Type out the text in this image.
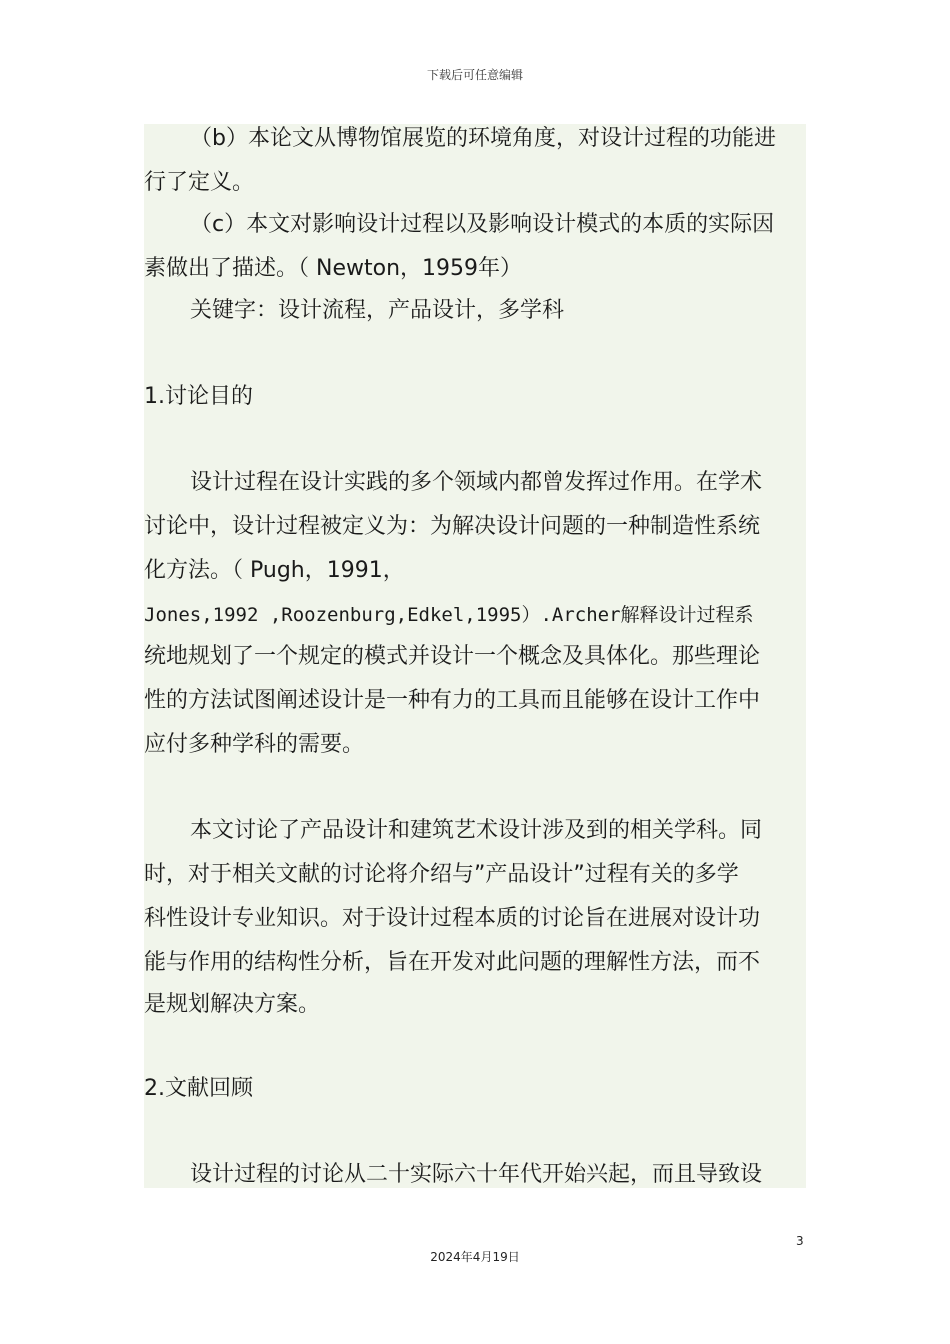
下载后可任意编辑
（b）本论文从博物馆展览的环境角度，对设计过程的功能进
行了定义。
（c）本文对影响设计过程以及影响设计模式的本质的实际因
素做出了描述。（ Newton，1959年）
关键字：设计流程，产品设计，多学科
1.讨论目的
设计过程在设计实践的多个领域内都曾发挥过作用。在学术
讨论中，设计过程被定义为：为解决设计问题的一种制造性系统
化方法。（ Pugh，1991，
Jones,1992 ,Roozenburg,Edkel,1995）.Archer解释设计过程系
统地规划了一个规定的模式并设计一个概念及具体化。那些理论
性的方法试图阐述设计是一种有力的工具而且能够在设计工作中
应付多种学科的需要。
本文讨论了产品设计和建筑艺术设计涉及到的相关学科。同
时，对于相关文献的讨论将介绍与”产品设计”过程有关的多学
科性设计专业知识。对于设计过程本质的讨论旨在进展对设计功
能与作用的结构性分析，旨在开发对此问题的理解性方法，而不
是规划解决方案。
2.文献回顾
设计过程的讨论从二十实际六十年代开始兴起，而且导致设
3
2024年4月19日
